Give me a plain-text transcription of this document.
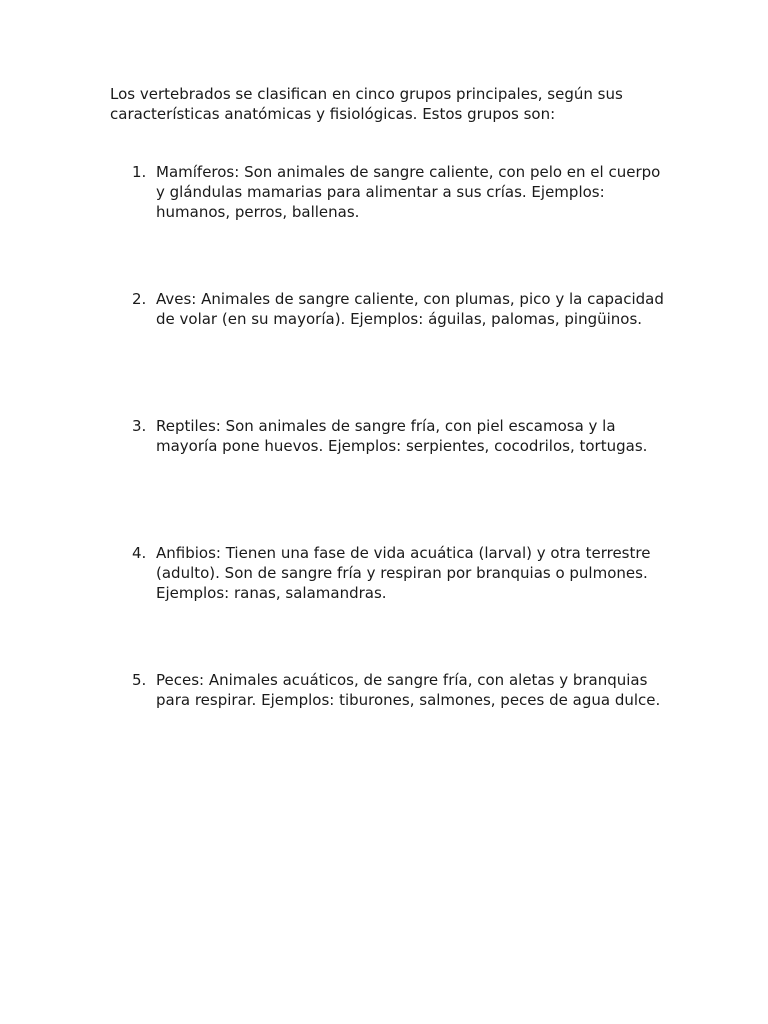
Los vertebrados se clasifican en cinco grupos principales, según sus características anatómicas y fisiológicas. Estos grupos son:

1. Mamíferos: Son animales de sangre caliente, con pelo en el cuerpo y glándulas mamarias para alimentar a sus crías. Ejemplos: humanos, perros, ballenas.
2. Aves: Animales de sangre caliente, con plumas, pico y la capacidad de volar (en su mayoría). Ejemplos: águilas, palomas, pingüinos.
3. Reptiles: Son animales de sangre fría, con piel escamosa y la mayoría pone huevos. Ejemplos: serpientes, cocodrilos, tortugas.
4. Anfibios: Tienen una fase de vida acuática (larval) y otra terrestre (adulto). Son de sangre fría y respiran por branquias o pulmones. Ejemplos: ranas, salamandras.
5. Peces: Animales acuáticos, de sangre fría, con aletas y branquias para respirar. Ejemplos: tiburones, salmones, peces de agua dulce.
